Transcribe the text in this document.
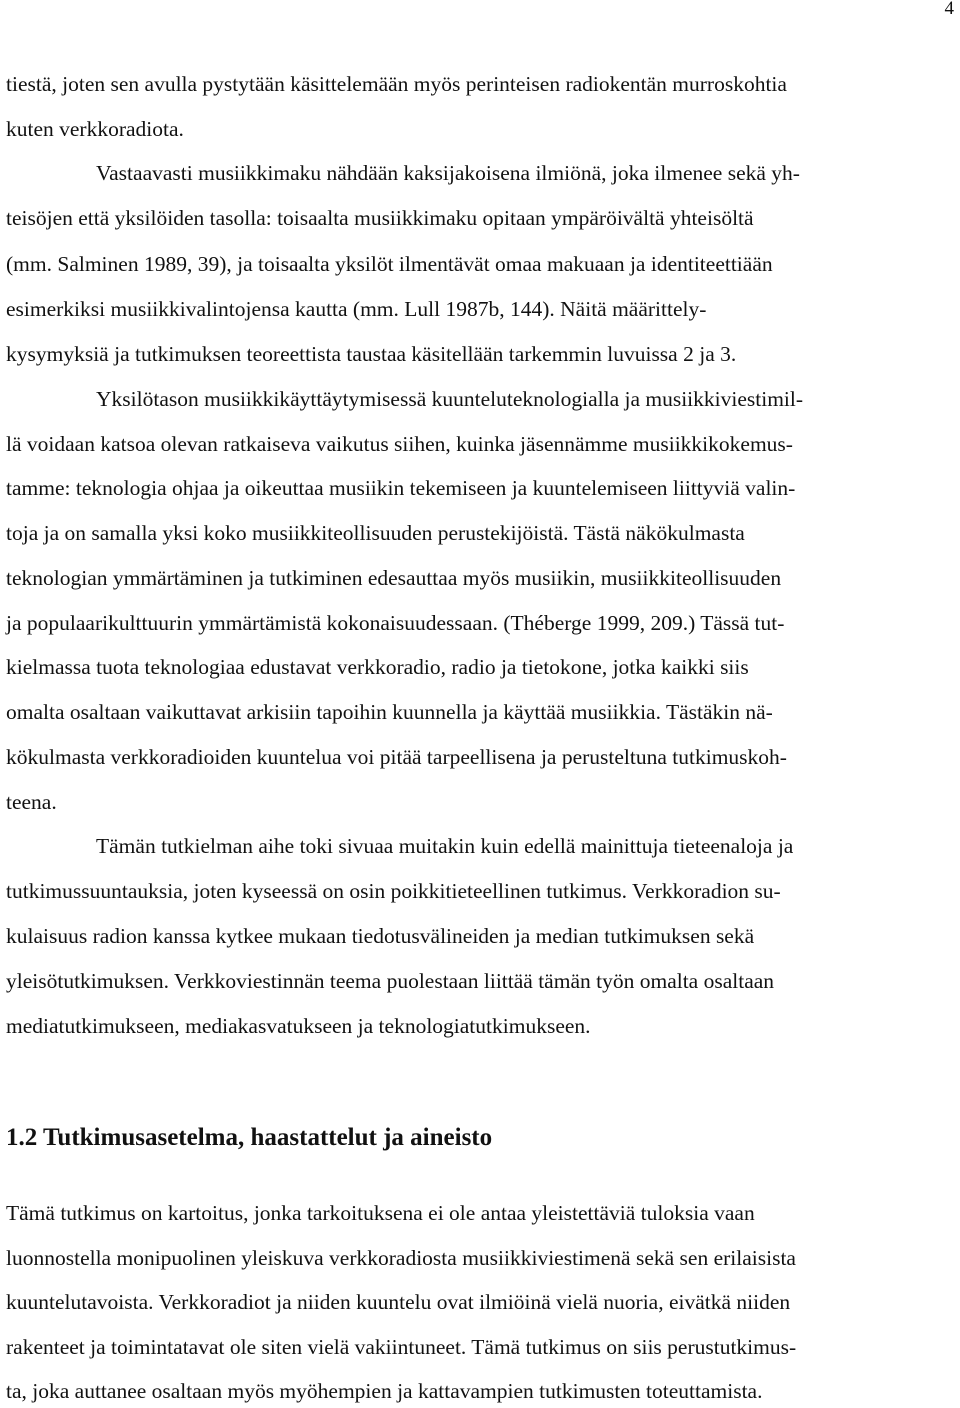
4
tiestä, joten sen avulla pystytään käsittelemään myös perinteisen radiokentän murroskohtia
kuten verkkoradiota.
Vastaavasti musiikkimaku nähdään kaksijakoisena ilmiönä, joka ilmenee sekä yh-
teisöjen että yksilöiden tasolla: toisaalta musiikkimaku opitaan ympäröivältä yhteisöltä
(mm. Salminen 1989, 39), ja toisaalta yksilöt ilmentävät omaa makuaan ja identiteettiään
esimerkiksi musiikkivalintojensa kautta (mm. Lull 1987b, 144). Näitä määrittely-
kysymyksiä ja tutkimuksen teoreettista taustaa käsitellään tarkemmin luvuissa 2 ja 3.
Yksilötason musiikkikäyttäytymisessä kuunteluteknologialla ja musiikkiviestimil-
lä voidaan katsoa olevan ratkaiseva vaikutus siihen, kuinka jäsennämme musiikkikokemus-
tamme: teknologia ohjaa ja oikeuttaa musiikin tekemiseen ja kuuntelemiseen liittyviä valin-
toja ja on samalla yksi koko musiikkiteollisuuden perustekijöistä. Tästä näkökulmasta
teknologian ymmärtäminen ja tutkiminen edesauttaa myös musiikin, musiikkiteollisuuden
ja populaarikulttuurin ymmärtämistä kokonaisuudessaan. (Théberge 1999, 209.) Tässä tut-
kielmassa tuota teknologiaa edustavat verkkoradio, radio ja tietokone, jotka kaikki siis
omalta osaltaan vaikuttavat arkisiin tapoihin kuunnella ja käyttää musiikkia. Tästäkin nä-
kökulmasta verkkoradioiden kuuntelua voi pitää tarpeellisena ja perusteltuna tutkimuskoh-
teena.
Tämän tutkielman aihe toki sivuaa muitakin kuin edellä mainittuja tieteenaloja ja
tutkimussuuntauksia, joten kyseessä on osin poikkitieteellinen tutkimus. Verkkoradion su-
kulaisuus radion kanssa kytkee mukaan tiedotusvälineiden ja median tutkimuksen sekä
yleisötutkimuksen. Verkkoviestinnän teema puolestaan liittää tämän työn omalta osaltaan
mediatutkimukseen, mediakasvatukseen ja teknologiatutkimukseen.
1.2 Tutkimusasetelma, haastattelut ja aineisto
Tämä tutkimus on kartoitus, jonka tarkoituksena ei ole antaa yleistettäviä tuloksia vaan
luonnostella monipuolinen yleiskuva verkkoradiosta musiikkiviestimenä sekä sen erilaisista
kuuntelutavoista. Verkkoradiot ja niiden kuuntelu ovat ilmiöinä vielä nuoria, eivätkä niiden
rakenteet ja toimintatavat ole siten vielä vakiintuneet. Tämä tutkimus on siis perustutkimus-
ta, joka auttanee osaltaan myös myöhempien ja kattavampien tutkimusten toteuttamista.
